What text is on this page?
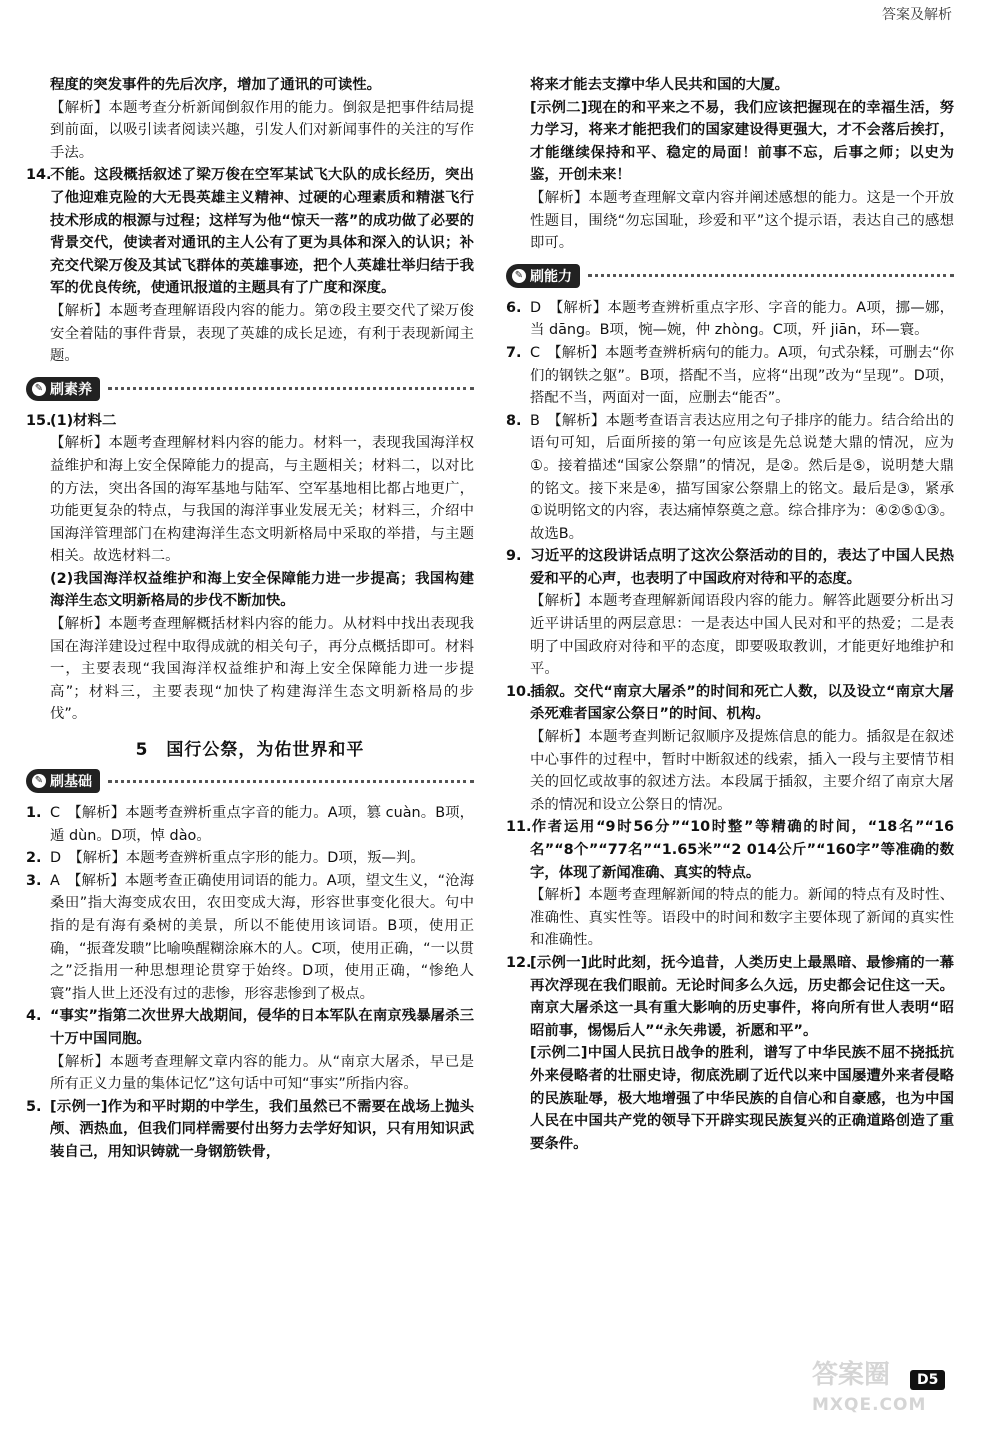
答案及解析

程度的突发事件的先后次序，增加了通讯的可读性。

【解析】本题考查分析新闻倒叙作用的能力。倒叙是把事件结局提到前面，以吸引读者阅读兴趣，引发人们对新闻事件的关注的写作手法。

14.不能。这段概括叙述了梁万俊在空军某试飞大队的成长经历，突出了他迎难克险的大无畏英雄主义精神、过硬的心理素质和精湛飞行技术形成的根源与过程；这样写为他“惊天一落”的成功做了必要的背景交代，使读者对通讯的主人公有了更为具体和深入的认识；补充交代梁万俊及其试飞群体的英雄事迹，把个人英雄壮举归结于我军的优良传统，使通讯报道的主题具有了广度和深度。

【解析】本题考查理解语段内容的能力。第⑦段主要交代了梁万俊安全着陆的事件背景，表现了英雄的成长足迹，有利于表现新闻主题。

✎ 刷素养

15.(1)材料二

【解析】本题考查理解材料内容的能力。材料一，表现我国海洋权益维护和海上安全保障能力的提高，与主题相关；材料二，以对比的方法，突出各国的海军基地与陆军、空军基地相比都占地更广，功能更复杂的特点，与我国的海洋事业发展无关；材料三，介绍中国海洋管理部门在构建海洋生态文明新格局中采取的举措，与主题相关。故选材料二。

(2)我国海洋权益维护和海上安全保障能力进一步提高；我国构建海洋生态文明新格局的步伐不断加快。

【解析】本题考查理解概括材料内容的能力。从材料中找出表现我国在海洋建设过程中取得成就的相关句子，再分点概括即可。材料一，主要表现“我国海洋权益维护和海上安全保障能力进一步提高”；材料三，主要表现“加快了构建海洋生态文明新格局的步伐”。

5　国行公祭，为佑世界和平
✎ 刷基础

1. C　【解析】本题考查辨析重点字音的能力。A项，篡 cuàn。B项，遁 dùn。D项，悼 dào。

2. D　【解析】本题考查辨析重点字形的能力。D项，叛—判。

3. A　【解析】本题考查正确使用词语的能力。A项，望文生义，“沧海桑田”指大海变成农田，农田变成大海，形容世事变化很大。句中指的是有海有桑树的美景，所以不能使用该词语。B项，使用正确，“振聋发聩”比喻唤醒糊涂麻木的人。C项，使用正确，“一以贯之”泛指用一种思想理论贯穿于始终。D项，使用正确，“惨绝人寰”指人世上还没有过的悲惨，形容悲惨到了极点。

4. “事实”指第二次世界大战期间，侵华的日本军队在南京残暴屠杀三十万中国同胞。

【解析】本题考查理解文章内容的能力。从“南京大屠杀，早已是所有正义力量的集体记忆”这句话中可知“事实”所指内容。

5. [示例一]作为和平时期的中学生，我们虽然已不需要在战场上抛头颅、洒热血，但我们同样需要付出努力去学好知识，只有用知识武装自己，用知识铸就一身钢筋铁骨，

将来才能去支撑中华人民共和国的大厦。

[示例二]现在的和平来之不易，我们应该把握现在的幸福生活，努力学习，将来才能把我们的国家建设得更强大，才不会落后挨打，才能继续保持和平、稳定的局面！前事不忘，后事之师；以史为鉴，开创未来！

【解析】本题考查理解文章内容并阐述感想的能力。这是一个开放性题目，围绕“勿忘国耻，珍爱和平”这个提示语，表达自己的感想即可。

✎ 刷能力

6. D　【解析】本题考查辨析重点字形、字音的能力。A项，挪—娜，当 dāng。B项，惋—婉，仲 zhòng。C项，歼 jiān，环—寰。

7. C　【解析】本题考查辨析病句的能力。A项，句式杂糅，可删去“你们的钢铁之躯”。B项，搭配不当，应将“出现”改为“呈现”。D项，搭配不当，两面对一面，应删去“能否”。

8. B　【解析】本题考查语言表达应用之句子排序的能力。结合给出的语句可知，后面所接的第一句应该是先总说楚大鼎的情况，应为①。接着描述“国家公祭鼎”的情况，是②。然后是⑤，说明楚大鼎的铭文。接下来是④，描写国家公祭鼎上的铭文。最后是③，紧承①说明铭文的内容，表达痛悼祭奠之意。综合排序为：④②⑤①③。故选B。

9. 习近平的这段讲话点明了这次公祭活动的目的，表达了中国人民热爱和平的心声，也表明了中国政府对待和平的态度。

【解析】本题考查理解新闻语段内容的能力。解答此题要分析出习近平讲话里的两层意思：一是表达中国人民对和平的热爱；二是表明了中国政府对待和平的态度，即要吸取教训，才能更好地维护和平。

10.插叙。交代“南京大屠杀”的时间和死亡人数，以及设立“南京大屠杀死难者国家公祭日”的时间、机构。

【解析】本题考查判断记叙顺序及提炼信息的能力。插叙是在叙述中心事件的过程中，暂时中断叙述的线索，插入一段与主要情节相关的回忆或故事的叙述方法。本段属于插叙，主要介绍了南京大屠杀的情况和设立公祭日的情况。

11.作者运用“9时56分”“10时整”等精确的时间，“18名”“16名”“8个”“77名”“1.65米”“2 014公斤”“160字”等准确的数字，体现了新闻准确、真实的特点。

【解析】本题考查理解新闻的特点的能力。新闻的特点有及时性、准确性、真实性等。语段中的时间和数字主要体现了新闻的真实性和准确性。

12.[示例一]此时此刻，抚今追昔，人类历史上最黑暗、最惨痛的一幕再次浮现在我们眼前。无论时间多么久远，历史都会记住这一天。南京大屠杀这一具有重大影响的历史事件，将向所有世人表明“昭昭前事，惕惕后人”“永矢弗谖，祈愿和平”。

[示例二]中国人民抗日战争的胜利，谱写了中华民族不屈不挠抵抗外来侵略者的壮丽史诗，彻底洗刷了近代以来中国屡遭外来者侵略的民族耻辱，极大地增强了中华民族的自信心和自豪感，也为中国人民在中国共产党的领导下开辟实现民族复兴的正确道路创造了重要条件。

答案圈
MXQE.COM
D5
